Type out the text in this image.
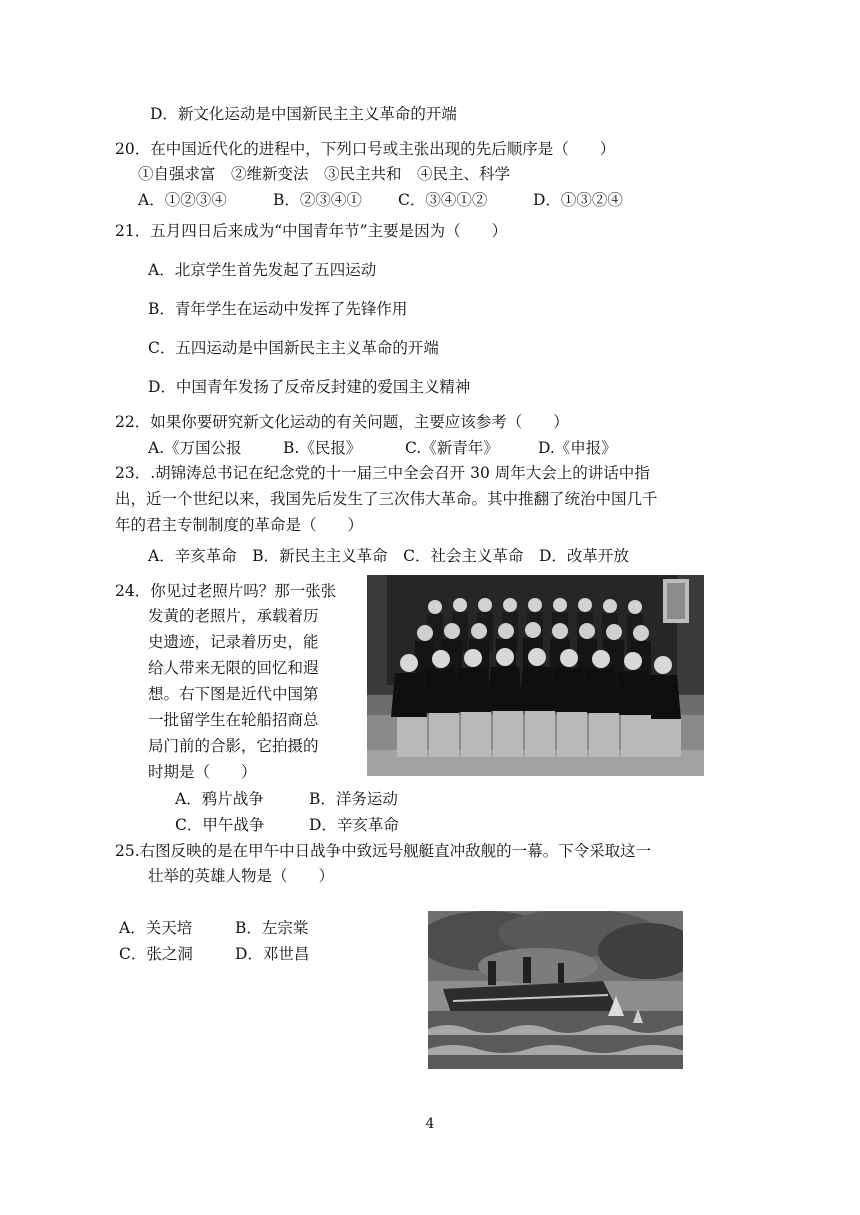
D．新文化运动是中国新民主主义革命的开端
20．在中国近代化的进程中，下列口号或主张出现的先后顺序是（　　）
①自强求富　②维新变法　③民主共和　④民主、科学
A．①②③④	B．②③④① C．③④①②	D．①③②④
21．五月四日后来成为“中国青年节”主要是因为（　　）
A．北京学生首先发起了五四运动
B．青年学生在运动中发挥了先锋作用
C．五四运动是中国新民主主义革命的开端
D．中国青年发扬了反帝反封建的爱国主义精神
22．如果你要研究新文化运动的有关问题，主要应该参考（　　）
A.《万国公报	B.《民报》	C.《新青年》	D.《申报》
23．.胡锦涛总书记在纪念党的十一届三中全会召开 30 周年大会上的讲话中指
出，近一个世纪以来，我国先后发生了三次伟大革命。其中推翻了统治中国几千
年的君主专制制度的革命是（　　）
A．辛亥革命　B．新民主主义革命　C．社会主义革命　D．改革开放
24．你见过老照片吗？那一张张
发黄的老照片，承载着历
史遗迹，记录着历史，能
给人带来无限的回忆和遐
想。右下图是近代中国第
一批留学生在轮船招商总
局门前的合影，它拍摄的
时期是（　　）
A．鸦片战争	B．洋务运动
C．甲午战争	D．辛亥革命
25.右图反映的是在甲午中日战争中致远号舰艇直冲敌舰的一幕。下令采取这一
壮举的英雄人物是（　　）
A．关天培	B．左宗棠
C．张之洞	D．邓世昌
4
